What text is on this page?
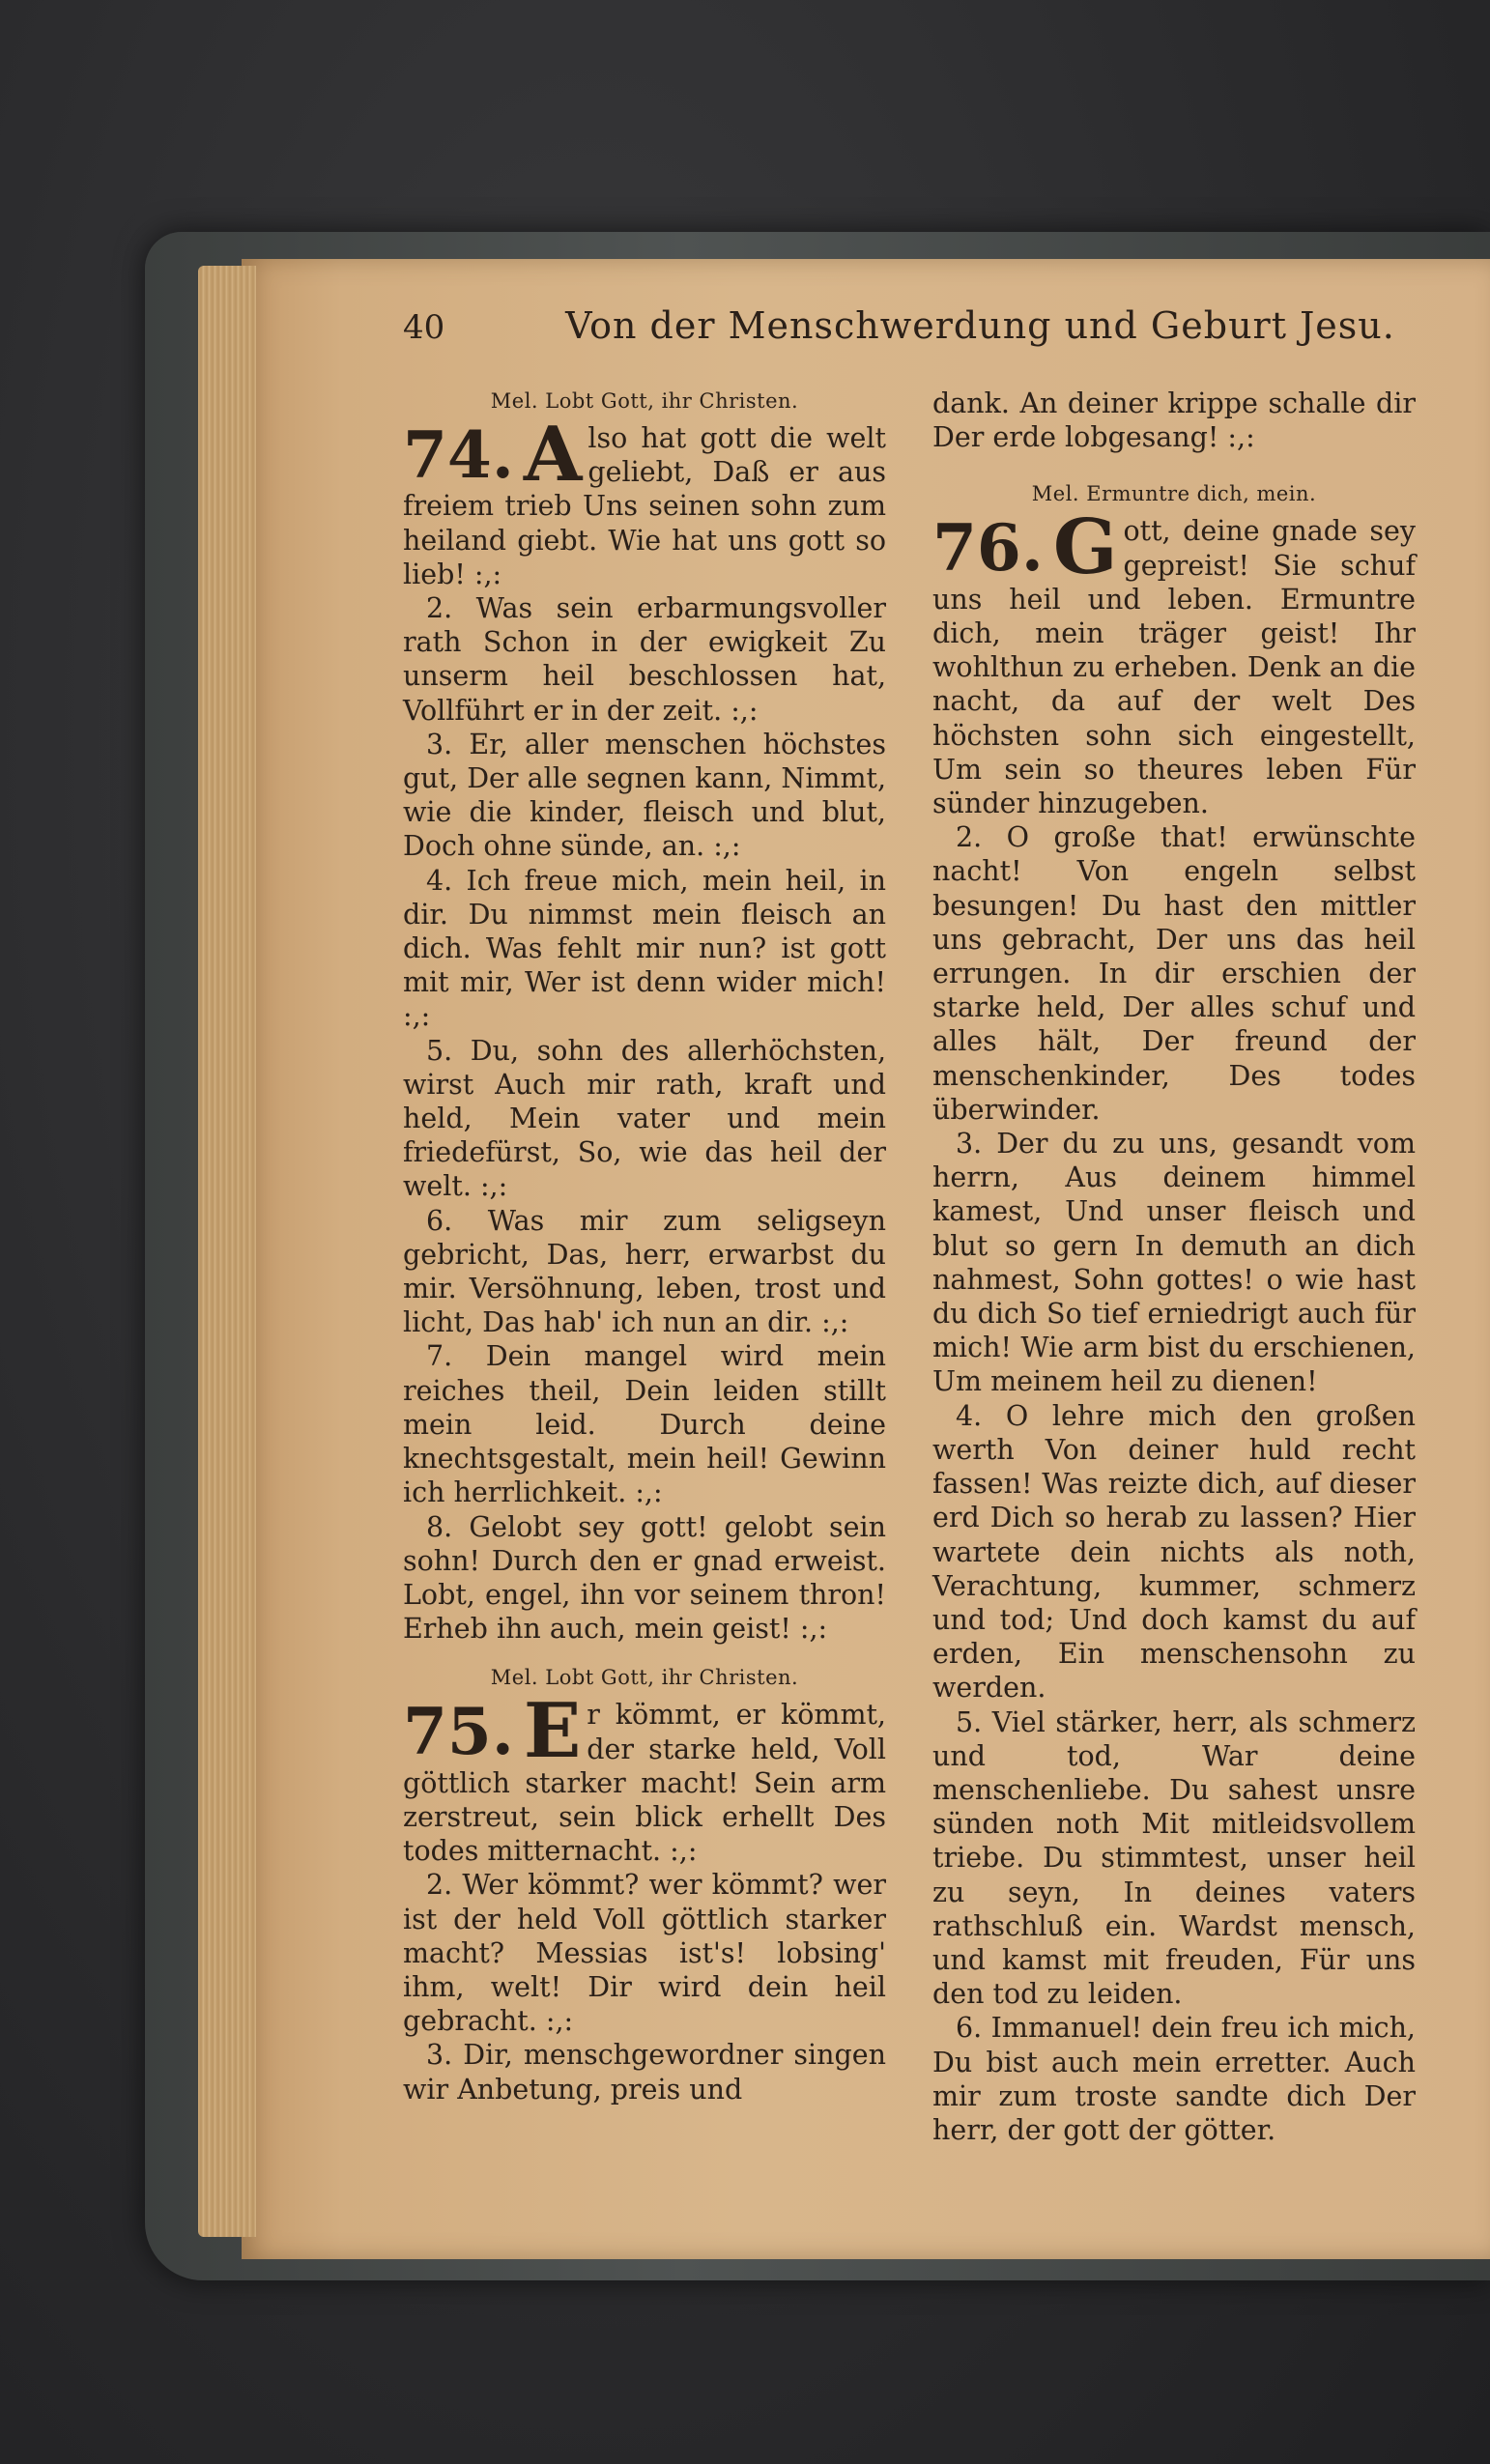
40	Von der Menschwerdung und Geburt Jesu.
Mel. Lobt Gott, ihr Christen.
74. A lso hat gott die welt geliebt, Daß er aus freiem trieb Uns seinen sohn zum heiland giebt. Wie hat uns gott so lieb! :,:

2. Was sein erbarmungsvoller rath Schon in der ewigkeit Zu unserm heil beschlossen hat, Vollführt er in der zeit. :,:

3. Er, aller menschen höchstes gut, Der alle segnen kann, Nimmt, wie die kinder, fleisch und blut, Doch ohne sünde, an. :,:

4. Ich freue mich, mein heil, in dir. Du nimmst mein fleisch an dich. Was fehlt mir nun? ist gott mit mir, Wer ist denn wider mich! :,:

5. Du, sohn des allerhöchsten, wirst Auch mir rath, kraft und held, Mein vater und mein friedefürst, So, wie das heil der welt. :,:

6. Was mir zum seligseyn gebricht, Das, herr, erwarbst du mir. Versöhnung, leben, trost und licht, Das hab' ich nun an dir. :,:

7. Dein mangel wird mein reiches theil, Dein leiden stillt mein leid. Durch deine knechtsgestalt, mein heil! Gewinn ich herrlichkeit. :,:

8. Gelobt sey gott! gelobt sein sohn! Durch den er gnad erweist. Lobt, engel, ihn vor seinem thron! Erheb ihn auch, mein geist! :,:

Mel. Lobt Gott, ihr Christen.
75. E r kömmt, er kömmt, der starke held, Voll göttlich starker macht! Sein arm zerstreut, sein blick erhellt Des todes mitternacht. :,:

2. Wer kömmt? wer kömmt? wer ist der held Voll göttlich starker macht? Messias ist's! lobsing' ihm, welt! Dir wird dein heil gebracht. :,:

3. Dir, menschgewordner singen wir Anbetung, preis und

dank. An deiner krippe schalle dir Der erde lobgesang! :,:

Mel. Ermuntre dich, mein.
76. G ott, deine gnade sey gepreist! Sie schuf uns heil und leben. Ermuntre dich, mein träger geist! Ihr wohlthun zu erheben. Denk an die nacht, da auf der welt Des höchsten sohn sich eingestellt, Um sein so theures leben Für sünder hinzugeben.

2. O große that! erwünschte nacht! Von engeln selbst besungen! Du hast den mittler uns gebracht, Der uns das heil errungen. In dir erschien der starke held, Der alles schuf und alles hält, Der freund der menschenkinder, Des todes überwinder.

3. Der du zu uns, gesandt vom herrn, Aus deinem himmel kamest, Und unser fleisch und blut so gern In demuth an dich nahmest, Sohn gottes! o wie hast du dich So tief erniedrigt auch für mich! Wie arm bist du erschienen, Um meinem heil zu dienen!

4. O lehre mich den großen werth Von deiner huld recht fassen! Was reizte dich, auf dieser erd Dich so herab zu lassen? Hier wartete dein nichts als noth, Verachtung, kummer, schmerz und tod; Und doch kamst du auf erden, Ein menschensohn zu werden.

5. Viel stärker, herr, als schmerz und tod, War deine menschenliebe. Du sahest unsre sünden noth Mit mitleidsvollem triebe. Du stimmtest, unser heil zu seyn, In deines vaters rathschluß ein. Wardst mensch, und kamst mit freuden, Für uns den tod zu leiden.

6. Immanuel! dein freu ich mich, Du bist auch mein erretter. Auch mir zum troste sandte dich Der herr, der gott der götter.
